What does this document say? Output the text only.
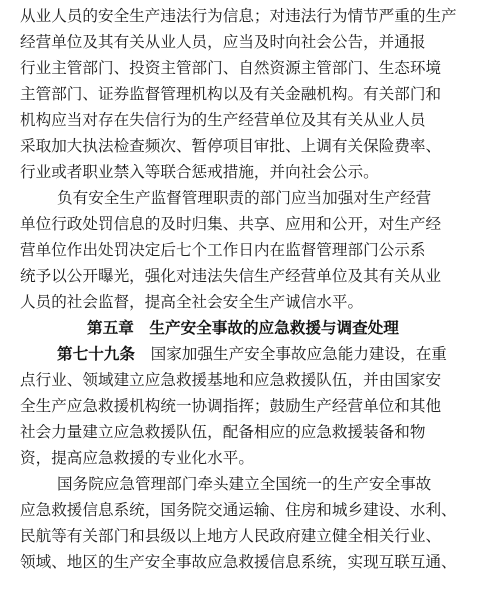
从业人员的安全生产违法行为信息；对违法行为情节严重的生产
经营单位及其有关从业人员，应当及时向社会公告，并通报
行业主管部门、投资主管部门、自然资源主管部门、生态环境
主管部门、证券监督管理机构以及有关金融机构。有关部门和
机构应当对存在失信行为的生产经营单位及其有关从业人员
采取加大执法检查频次、暂停项目审批、上调有关保险费率、
行业或者职业禁入等联合惩戒措施，并向社会公示。
负有安全生产监督管理职责的部门应当加强对生产经营
单位行政处罚信息的及时归集、共享、应用和公开，对生产经
营单位作出处罚决定后七个工作日内在监督管理部门公示系
统予以公开曝光，强化对违法失信生产经营单位及其有关从业
人员的社会监督，提高全社会安全生产诚信水平。
第五章　生产安全事故的应急救援与调查处理
第七十九条　 国家加强生产安全事故应急能力建设，在重
点行业、领域建立应急救援基地和应急救援队伍，并由国家安
全生产应急救援机构统一协调指挥；鼓励生产经营单位和其他
社会力量建立应急救援队伍，配备相应的应急救援装备和物
资，提高应急救援的专业化水平。
国务院应急管理部门牵头建立全国统一的生产安全事故
应急救援信息系统，国务院交通运输、住房和城乡建设、水利、
民航等有关部门和县级以上地方人民政府建立健全相关行业、
领域、地区的生产安全事故应急救援信息系统，实现互联互通、
